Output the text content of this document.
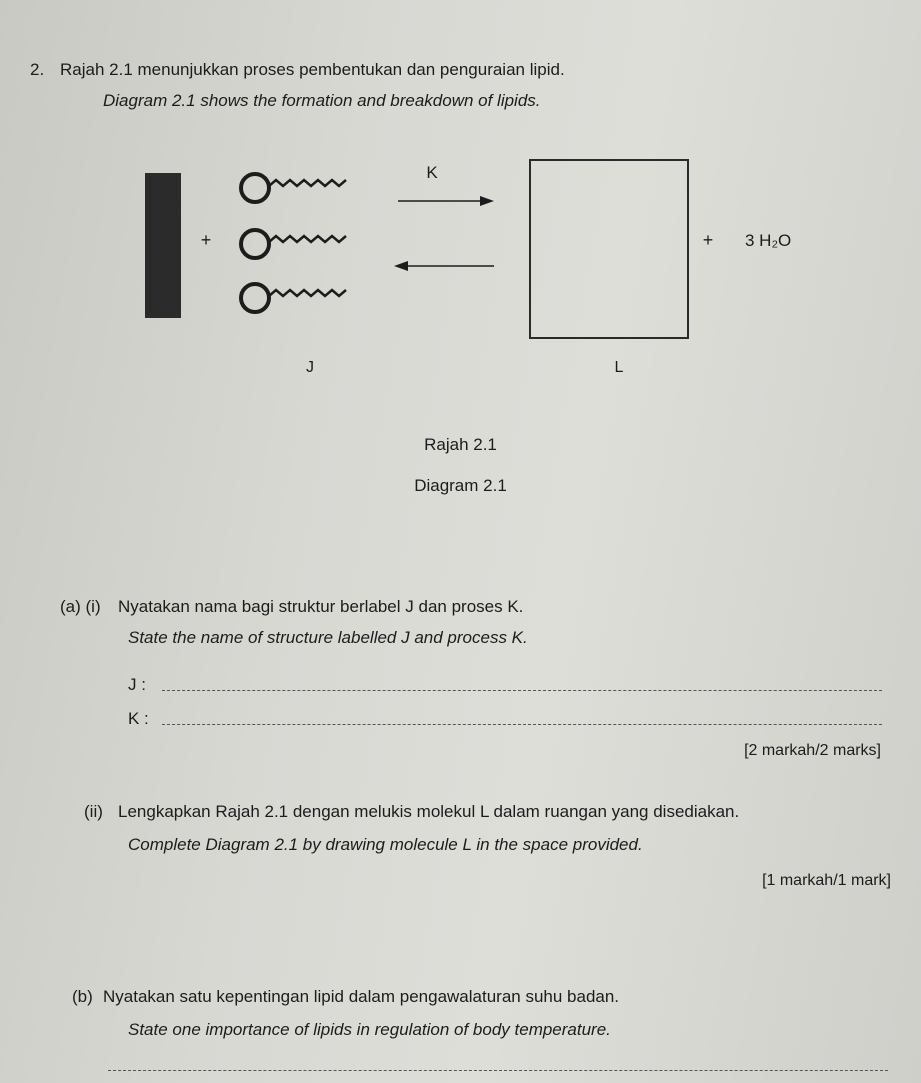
2. Rajah 2.1 menunjukkan proses pembentukan dan penguraian lipid.
Diagram 2.1 shows the formation and breakdown of lipids.
+
K
+ 3 H₂O
J	L
Rajah 2.1
Diagram 2.1
(a) (i) Nyatakan nama bagi struktur berlabel J dan proses K.
State the name of structure labelled J and process K.
J :
K :
[2 markah/2 marks]
(ii) Lengkapkan Rajah 2.1 dengan melukis molekul L dalam ruangan yang disediakan.
Complete Diagram 2.1 by drawing molecule L in the space provided.
[1 markah/1 mark]
(b) Nyatakan satu kepentingan lipid dalam pengawalaturan suhu badan.
State one importance of lipids in regulation of body temperature.
